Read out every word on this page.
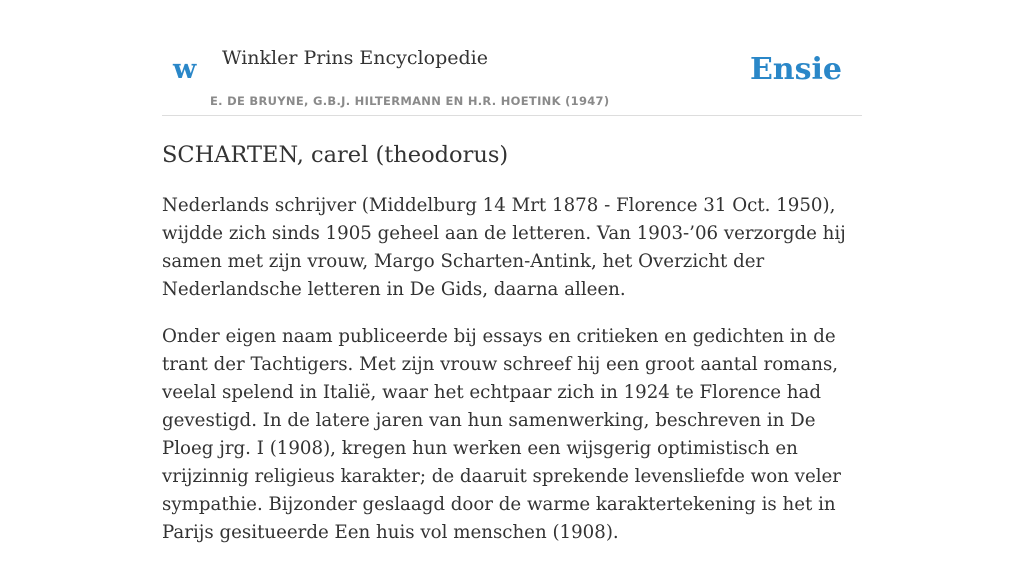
w Winkler Prins Encyclopedie
E. DE BRUYNE, G.B.J. HILTERMANN EN H.R. HOETINK (1947)
Ensie
SCHARTEN, carel (theodorus)

Nederlands schrijver (Middelburg 14 Mrt 1878 - Florence 31 Oct. 1950), wijdde zich sinds 1905 geheel aan de letteren. Van 1903-’06 verzorgde hij samen met zijn vrouw, Margo Scharten-Antink, het Overzicht der Nederlandsche letteren in De Gids, daarna alleen.

Onder eigen naam publiceerde bij essays en critieken en gedichten in de trant der Tachtigers. Met zijn vrouw schreef hij een groot aantal romans, veelal spelend in Italië, waar het echtpaar zich in 1924 te Florence had gevestigd. In de latere jaren van hun samenwerking, beschreven in De Ploeg jrg. I (1908), kregen hun werken een wijsgerig optimistisch en vrijzinnig religieus karakter; de daaruit sprekende levensliefde won veler sympathie. Bijzonder geslaagd door de warme karaktertekening is het in Parijs gesitueerde Een huis vol menschen (1908).
